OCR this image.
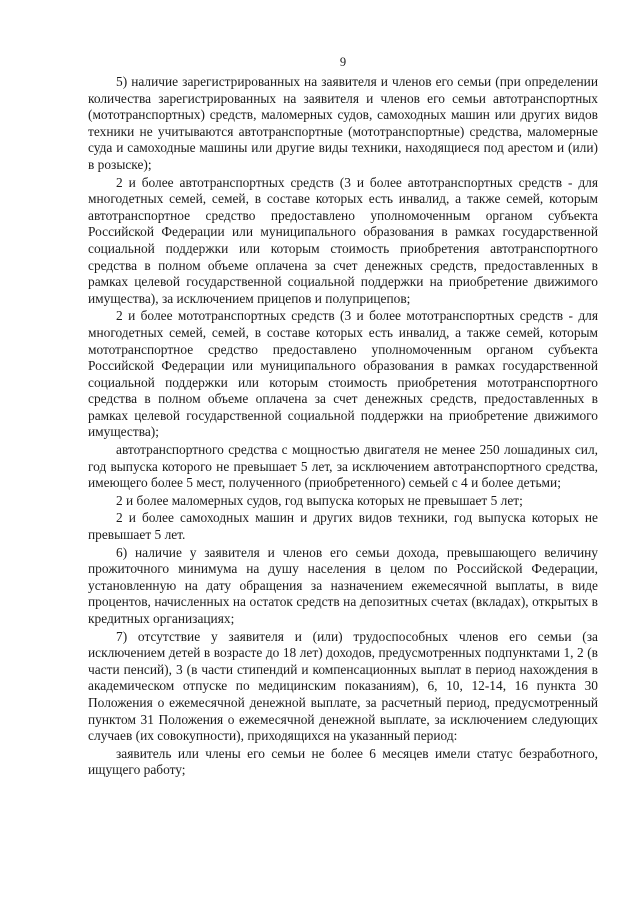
9

5) наличие зарегистрированных на заявителя и членов его семьи (при определении количества зарегистрированных на заявителя и членов его семьи автотранспортных (мототранспортных) средств, маломерных судов, самоходных машин или других видов техники не учитываются автотранспортные (мототранспортные) средства, маломерные суда и самоходные машины или другие виды техники, находящиеся под арестом и (или) в розыске);

2 и более автотранспортных средств (3 и более автотранспортных средств - для многодетных семей, семей, в составе которых есть инвалид, а также семей, которым автотранспортное средство предоставлено уполномоченным органом субъекта Российской Федерации или муниципального образования в рамках государственной социальной поддержки или которым стоимость приобретения автотранспортного средства в полном объеме оплачена за счет денежных средств, предоставленных в рамках целевой государственной социальной поддержки на приобретение движимого имущества), за исключением прицепов и полуприцепов;

2 и более мототранспортных средств (3 и более мототранспортных средств - для многодетных семей, семей, в составе которых есть инвалид, а также семей, которым мототранспортное средство предоставлено уполномоченным органом субъекта Российской Федерации или муниципального образования в рамках государственной социальной поддержки или которым стоимость приобретения мототранспортного средства в полном объеме оплачена за счет денежных средств, предоставленных в рамках целевой государственной социальной поддержки на приобретение движимого имущества);

автотранспортного средства с мощностью двигателя не менее 250 лошадиных сил, год выпуска которого не превышает 5 лет, за исключением автотранспортного средства, имеющего более 5 мест, полученного (приобретенного) семьей с 4 и более детьми;

2 и более маломерных судов, год выпуска которых не превышает 5 лет;

2 и более самоходных машин и других видов техники, год выпуска которых не превышает 5 лет.

6) наличие у заявителя и членов его семьи дохода, превышающего величину прожиточного минимума на душу населения в целом по Российской Федерации, установленную на дату обращения за назначением ежемесячной выплаты, в виде процентов, начисленных на остаток средств на депозитных счетах (вкладах), открытых в кредитных организациях;

7) отсутствие у заявителя и (или) трудоспособных членов его семьи (за исключением детей в возрасте до 18 лет) доходов, предусмотренных подпунктами 1, 2 (в части пенсий), 3 (в части стипендий и компенсационных выплат в период нахождения в академическом отпуске по медицинским показаниям), 6, 10, 12-14, 16 пункта 30 Положения о ежемесячной денежной выплате, за расчетный период, предусмотренный пунктом 31 Положения о ежемесячной денежной выплате, за исключением следующих случаев (их совокупности), приходящихся на указанный период:

заявитель или члены его семьи не более 6 месяцев имели статус безработного, ищущего работу;
